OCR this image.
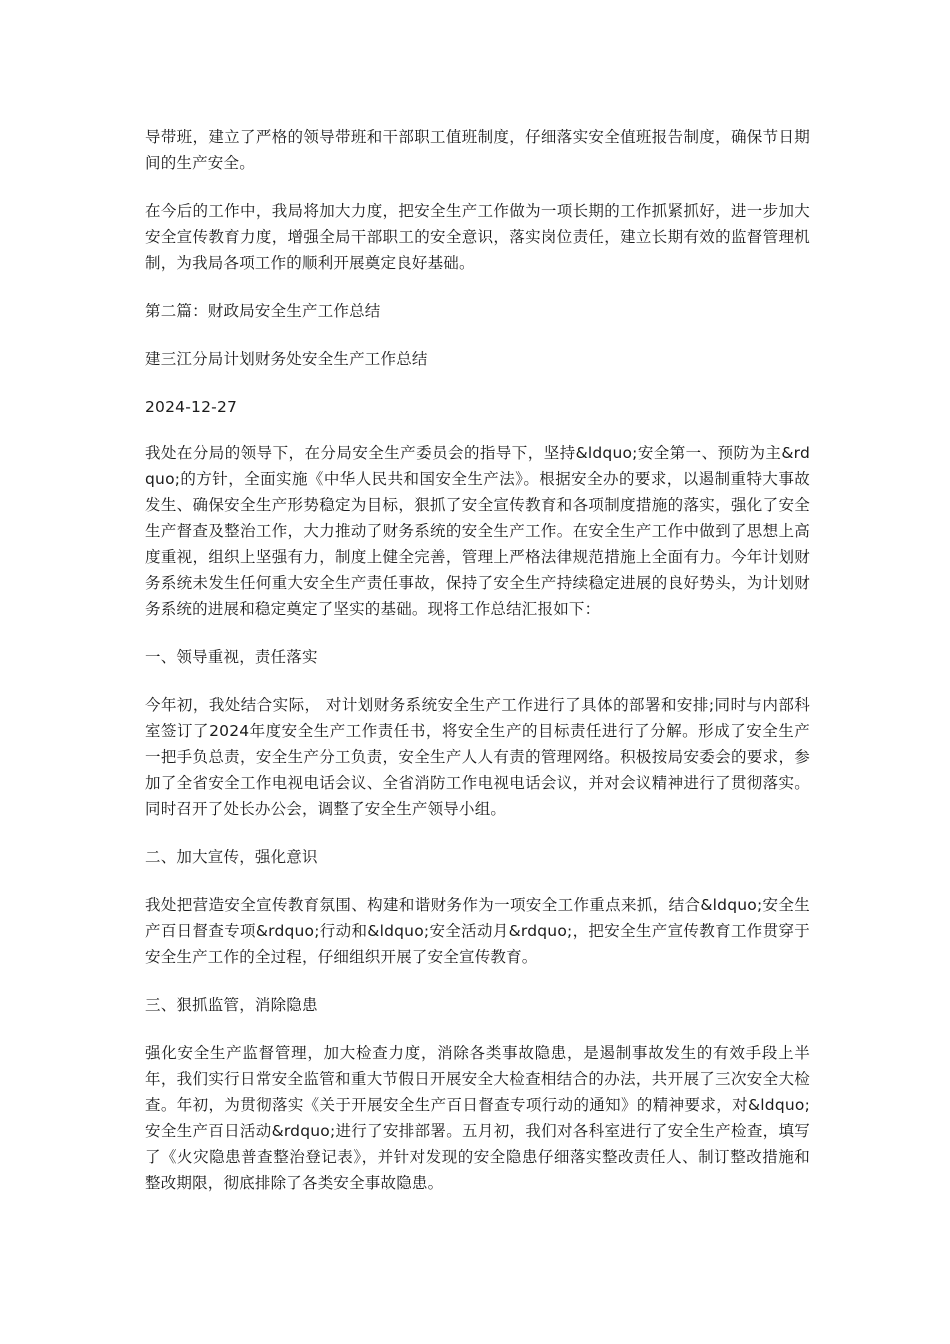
导带班，建立了严格的领导带班和干部职工值班制度，仔细落实安全值班报告制度，确保节日期间的生产安全。

在今后的工作中，我局将加大力度，把安全生产工作做为一项长期的工作抓紧抓好，进一步加大安全宣传教育力度，增强全局干部职工的安全意识，落实岗位责任，建立长期有效的监督管理机制，为我局各项工作的顺利开展奠定良好基础。

第二篇：财政局安全生产工作总结

建三江分局计划财务处安全生产工作总结

2024-12-27

我处在分局的领导下，在分局安全生产委员会的指导下，坚持&ldquo;安全第一、预防为主&rdquo;的方针，全面实施《中华人民共和国安全生产法》。根据安全办的要求，以遏制重特大事故发生、确保安全生产形势稳定为目标，狠抓了安全宣传教育和各项制度措施的落实，强化了安全生产督查及整治工作，大力推动了财务系统的安全生产工作。在安全生产工作中做到了思想上高度重视，组织上坚强有力，制度上健全完善，管理上严格法律规范措施上全面有力。今年计划财务系统未发生任何重大安全生产责任事故，保持了安全生产持续稳定进展的良好势头，为计划财务系统的进展和稳定奠定了坚实的基础。现将工作总结汇报如下：

一、领导重视，责任落实

今年初，我处结合实际， 对计划财务系统安全生产工作进行了具体的部署和安排;同时与内部科室签订了2024年度安全生产工作责任书，将安全生产的目标责任进行了分解。形成了安全生产一把手负总责，安全生产分工负责，安全生产人人有责的管理网络。积极按局安委会的要求，参加了全省安全工作电视电话会议、全省消防工作电视电话会议，并对会议精神进行了贯彻落实。同时召开了处长办公会，调整了安全生产领导小组。

二、加大宣传，强化意识

我处把营造安全宣传教育氛围、构建和谐财务作为一项安全工作重点来抓，结合&ldquo;安全生产百日督查专项&rdquo;行动和&ldquo;安全活动月&rdquo;，把安全生产宣传教育工作贯穿于安全生产工作的全过程，仔细组织开展了安全宣传教育。

三、狠抓监管，消除隐患

强化安全生产监督管理，加大检查力度，消除各类事故隐患，是遏制事故发生的有效手段上半年，我们实行日常安全监管和重大节假日开展安全大检查相结合的办法，共开展了三次安全大检查。年初，为贯彻落实《关于开展安全生产百日督查专项行动的通知》的精神要求，对&ldquo;安全生产百日活动&rdquo;进行了安排部署。五月初，我们对各科室进行了安全生产检查，填写了《火灾隐患普查整治登记表》，并针对发现的安全隐患仔细落实整改责任人、制订整改措施和整改期限，彻底排除了各类安全事故隐患。
